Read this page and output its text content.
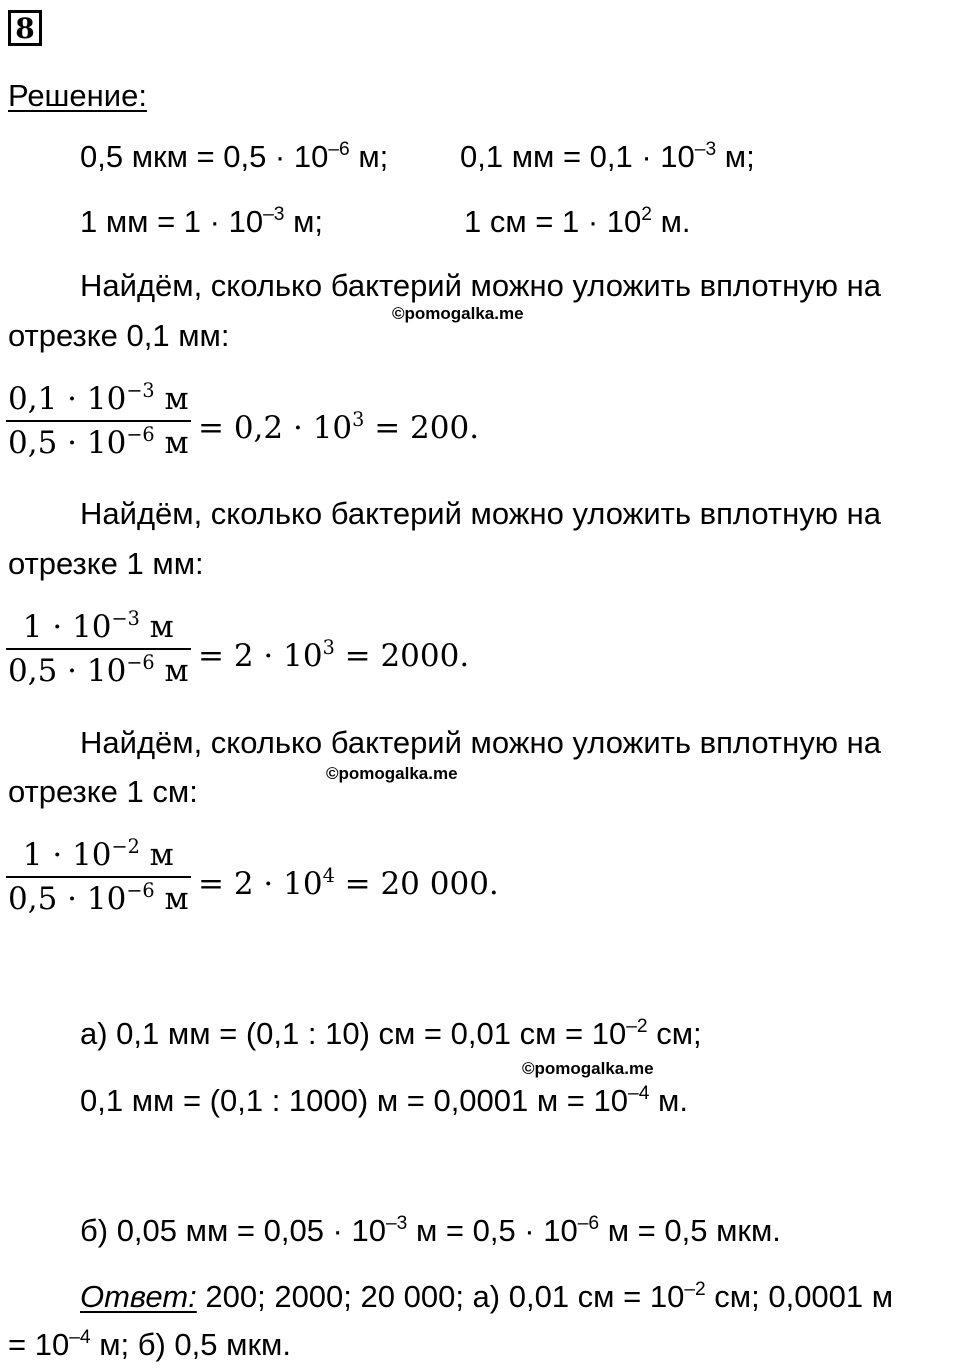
8
Решение:
0,5 мкм = $0,5 \cdot 10^{-6}$ м; 0,1 мм = $0,1 \cdot 10^{-3}$ м;
1 мм = $1 \cdot 10^{-3}$ м;	1 см = $1 \cdot 10^2$ м.
Найдём, сколько бактерий можно уложить вплотную на
©pomogalka.me
отрезке 0,1 мм:
$0,1 \cdot 10^{-3}$ м
$0,5 \cdot 10^{-6}$ $м = 0,2 \cdot 10^3 = 200$.
Найдём, сколько бактерий можно уложить вплотную на
отрезке 1 мм:
$1 \cdot 10^{-3}$ м
$0,5 \cdot 10^{-6}$ $м = 2 \cdot 10^3 = 2000$.
Найдём, сколько бактерий можно уложить вплотную на
©pomogalka.me
отрезке 1 см:
$1 \cdot 10^{-2}$ м
$0,5 \cdot 10^{-6}$ $м = 2 \cdot 10^4 = 20$ 000.
а) 0,1 мм = (0,1 : 10) см = 0,01 см = $10^{-2}$ см;
©pomogalka.me
0,1 мм = (0,1 : 1000) м = 0,0001 $м = 10^{-4}$ м.
б) 0,05 мм = $0,05 \cdot 10^{-3}$ $м = 0,5 \cdot 10^{-6}$ м = 0,5 мкм.
Ответ: 200; 2000; 20 000; а) 0,01 см = $10^{-2}$ см; 0,0001 м
= $10^{-4}$ м; б) 0,5 мкм.
